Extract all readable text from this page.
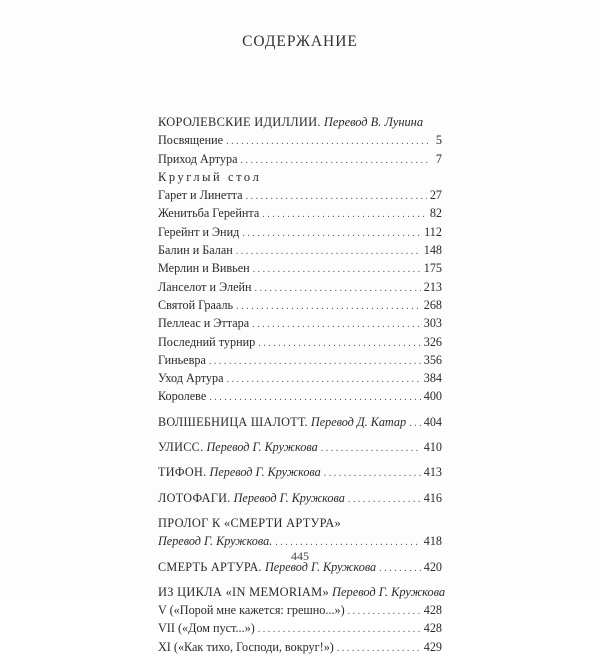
СОДЕРЖАНИЕ
КОРОЛЕВСКИЕ ИДИЛЛИИ. Перевод В. Лунина
Посвящение . . .	5
Приход Артура . . .	7
Круглый стол
Гарет и Линетта . . .	27
Женитьба Герейнта . . .	82
Герейнт и Энид . . .	112
Балин и Балан . . .	148
Мерлин и Вивьен . . .	175
Ланселот и Элейн . . .	213
Святой Грааль . . .	268
Пеллеас и Эттара . . .	303
Последний турнир . . .	326
Гиньевра . . .	356
Уход Артура . . .	384
Королеве . . .	400
ВОЛШЕБНИЦА ШАЛОТТ. Перевод Д. Катар . . . 404
УЛИСС. Перевод Г. Кружкова . . .	410
ТИФОН. Перевод Г. Кружкова . . .	413
ЛОТОФАГИ. Перевод Г. Кружкова . . .	416
ПРОЛОГ К «СМЕРТИ АРТУРА»
Перевод Г. Кружкова. . . .	418
СМЕРТЬ АРТУРА. Перевод Г. Кружкова . . .	420
ИЗ ЦИКЛА «IN MEMORIAM» Перевод Г. Кружкова
V («Порой мне кажется: грешно...») . . .	428
VII («Дом пуст...») . . .	428
XI («Как тихо, Господи, вокруг!») . . .	429
445
